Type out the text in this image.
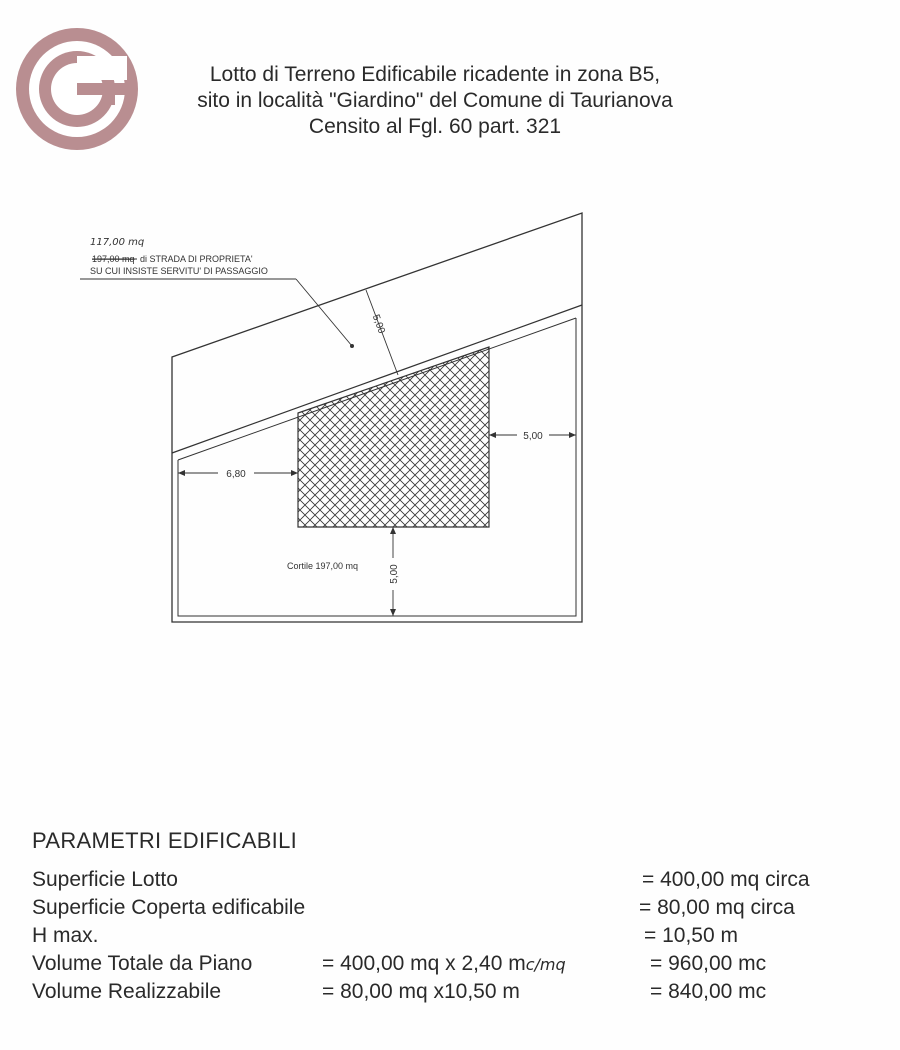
Lotto di Terreno Edificabile ricadente in zona B5,
sito in località "Giardino" del Comune di Taurianova
Censito al Fgl. 60 part. 321
5,00
5,00
6,80
5,00
Cortile 197,00 mq
117,00 mq
197,00 mq di STRADA DI PROPRIETA'
SU CUI INSISTE SERVITU' DI PASSAGGIO
PARAMETRI EDIFICABILI
Superficie Lotto	= 400,00 mq circa
Superficie Coperta edificabile	= 80,00 mq circa
H max.	= 10,50 m
Volume Totale da Piano	= 400,00 mq x 2,40 mc/mq	= 960,00 mc
Volume Realizzabile	= 80,00 mq x10,50 m	= 840,00 mc
